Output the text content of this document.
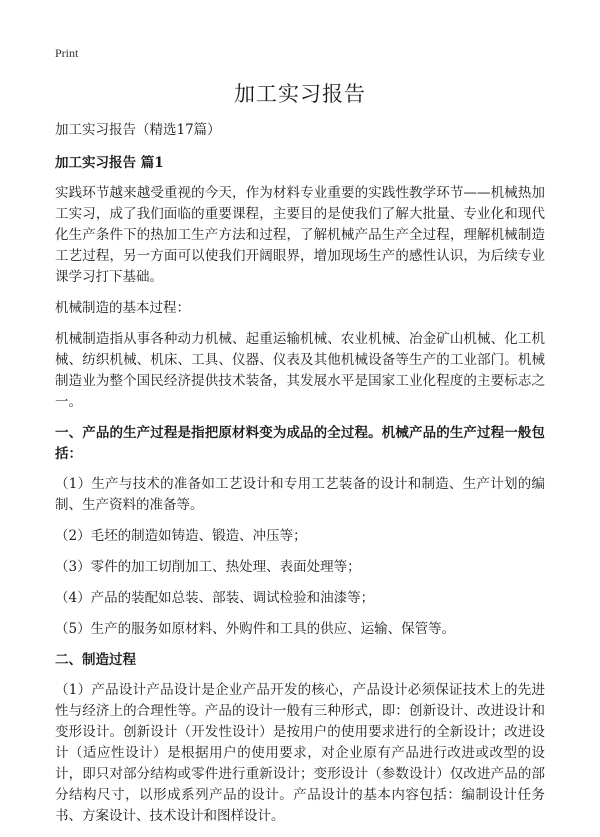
Print
加工实习报告

加工实习报告（精选17篇）

加工实习报告 篇1

实践环节越来越受重视的今天，作为材料专业重要的实践性教学环节——机械热加工实习，成了我们面临的重要课程，主要目的是使我们了解大批量、专业化和现代化生产条件下的热加工生产方法和过程，了解机械产品生产全过程，理解机械制造工艺过程，另一方面可以使我们开阔眼界，增加现场生产的感性认识，为后续专业课学习打下基础。

机械制造的基本过程：

机械制造指从事各种动力机械、起重运输机械、农业机械、冶金矿山机械、化工机械、纺织机械、机床、工具、仪器、仪表及其他机械设备等生产的工业部门。机械制造业为整个国民经济提供技术装备，其发展水平是国家工业化程度的主要标志之一。

一、产品的生产过程是指把原材料变为成品的全过程。机械产品的生产过程一般包括：

（1）生产与技术的准备如工艺设计和专用工艺装备的设计和制造、生产计划的编制、生产资料的准备等。

（2）毛坯的制造如铸造、锻造、冲压等；

（3）零件的加工切削加工、热处理、表面处理等；

（4）产品的装配如总装、部装、调试检验和油漆等；

（5）生产的服务如原材料、外购件和工具的供应、运输、保管等。

二、制造过程

（1）产品设计产品设计是企业产品开发的核心，产品设计必须保证技术上的先进性与经济上的合理性等。产品的设计一般有三种形式，即：创新设计、改进设计和变形设计。创新设计（开发性设计）是按用户的使用要求进行的全新设计；改进设计（适应性设计）是根据用户的使用要求，对企业原有产品进行改进或改型的设计，即只对部分结构或零件进行重新设计；变形设计（参数设计）仅改进产品的部分结构尺寸，以形成系列产品的设计。产品设计的基本内容包括：编制设计任务书、方案设计、技术设计和图样设计。
